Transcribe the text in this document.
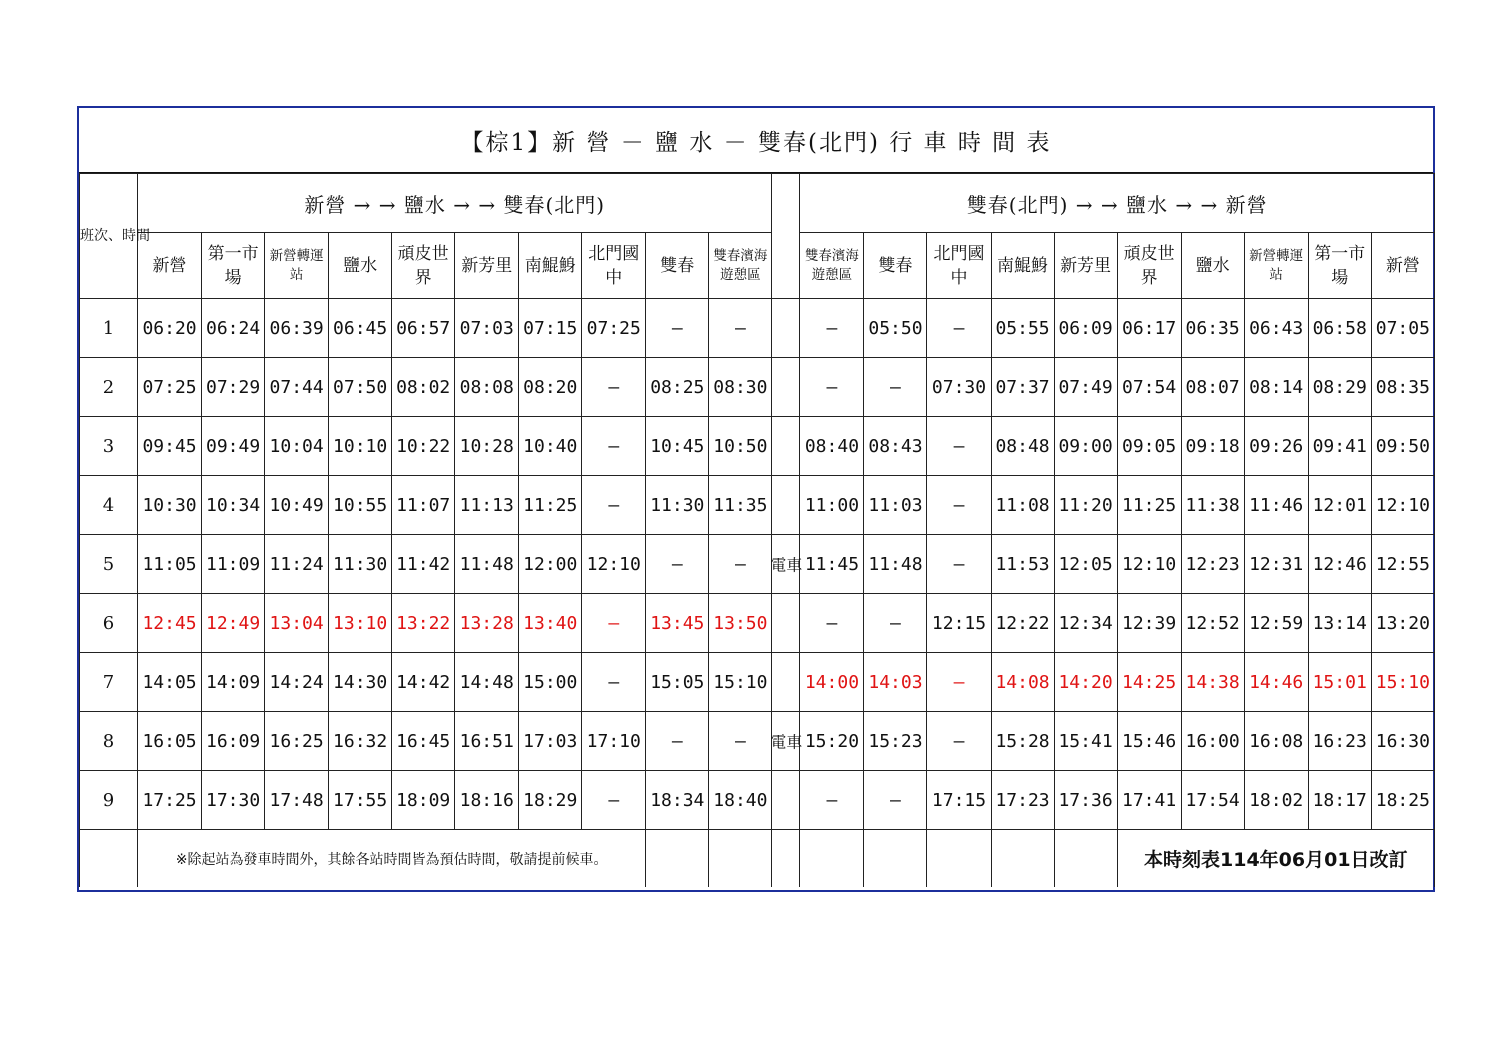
【棕1】新 營 － 鹽 水 － 雙春(北門) 行 車 時 間 表
班次、時間	新營 → → 鹽水 → → 雙春(北門)											雙春(北門) → → 鹽水 → → 新營									
	新營	第一市場	新營轉運站	鹽水	頑皮世界	新芳里	南鯤鯓	北門國中	雙春	雙春濱海遊憩區		雙春濱海遊憩區	雙春	北門國中	南鯤鯓	新芳里	頑皮世界	鹽水	新營轉運站	第一市場	新營
1	06:20	06:24	06:39	06:45	06:57	07:03	07:15	07:25	—	—		—	05:50	—	05:55	06:09	06:17	06:35	06:43	06:58	07:05
2	07:25	07:29	07:44	07:50	08:02	08:08	08:20	—	08:25	08:30		—	—	07:30	07:37	07:49	07:54	08:07	08:14	08:29	08:35
3	09:45	09:49	10:04	10:10	10:22	10:28	10:40	—	10:45	10:50		08:40	08:43	—	08:48	09:00	09:05	09:18	09:26	09:41	09:50
4	10:30	10:34	10:49	10:55	11:07	11:13	11:25	—	11:30	11:35		11:00	11:03	—	11:08	11:20	11:25	11:38	11:46	12:01	12:10
5	11:05	11:09	11:24	11:30	11:42	11:48	12:00	12:10	—	—	電車	11:45	11:48	—	11:53	12:05	12:10	12:23	12:31	12:46	12:55
6	12:45	12:49	13:04	13:10	13:22	13:28	13:40	—	13:45	13:50		—	—	12:15	12:22	12:34	12:39	12:52	12:59	13:14	13:20
7	14:05	14:09	14:24	14:30	14:42	14:48	15:00	—	15:05	15:10		14:00	14:03	—	14:08	14:20	14:25	14:38	14:46	15:01	15:10
8	16:05	16:09	16:25	16:32	16:45	16:51	17:03	17:10	—	—	電車	15:20	15:23	—	15:28	15:41	15:46	16:00	16:08	16:23	16:30
9	17:25	17:30	17:48	17:55	18:09	18:16	18:29	—	18:34	18:40		—	—	17:15	17:23	17:36	17:41	17:54	18:02	18:17	18:25
	※除起站為發車時間外，其餘各站時間皆為預估時間，敬請提前候車。																本時刻表114年06月01日改訂				
